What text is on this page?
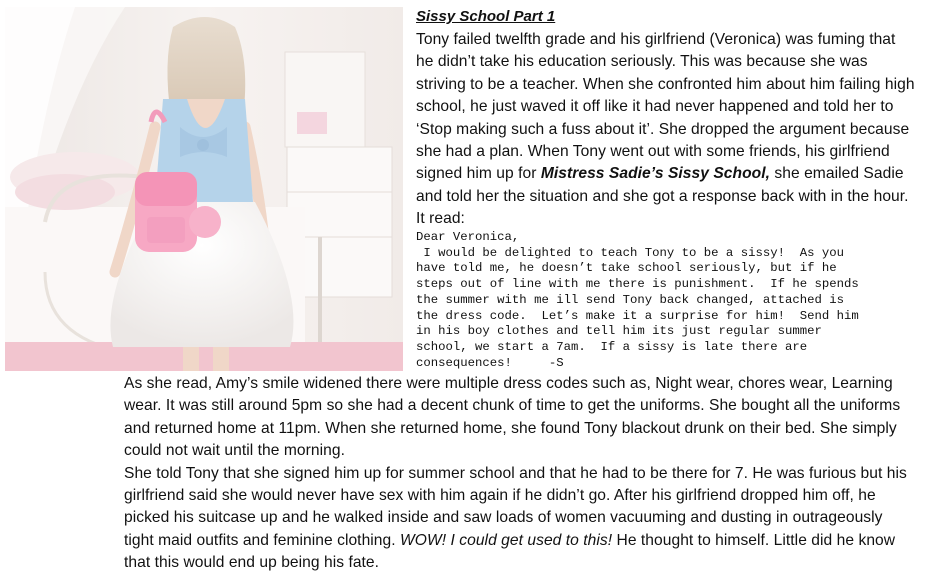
Sissy School Part 1
Tony failed twelfth grade and his girlfriend (Veronica) was fuming that he didn’t take his education seriously. This was because she was striving to be a teacher. When she confronted him about him failing high school, he just waved it off like it had never happened and told her to ‘Stop making such a fuss about it’. She dropped the argument because she had a plan. When Tony went out with some friends, his girlfriend signed him up for Mistress Sadie’s Sissy School, she emailed Sadie and told her the situation and she got a response back with in the hour. It read:
Dear Veronica,
I would be delighted to teach Tony to be a sissy!  As you
have told me, he doesn’t take school seriously, but if he
steps out of line with me there is punishment.  If he spends
the summer with me ill send Tony back changed, attached is
the dress code.  Let’s make it a surprise for him!  Send him
in his boy clothes and tell him its just regular summer
school, we start a 7am.  If a sissy is late there are
consequences!     -S

As she read, Amy’s smile widened there were multiple dress codes such as, Night wear, chores wear, Learning wear. It was still around 5pm so she had a decent chunk of time to get the uniforms. She bought all the uniforms and returned home at 11pm. When she returned home, she found Tony blackout drunk on their bed. She simply could not wait until the morning.

She told Tony that she signed him up for summer school and that he had to be there for 7. He was furious but his girlfriend said she would never have sex with him again if he didn’t go. After his girlfriend dropped him off, he picked his suitcase up and he walked inside and saw loads of women vacuuming and dusting in outrageously tight maid outfits and feminine clothing. WOW! I could get used to this! He thought to himself. Little did he know that this would end up being his fate.
